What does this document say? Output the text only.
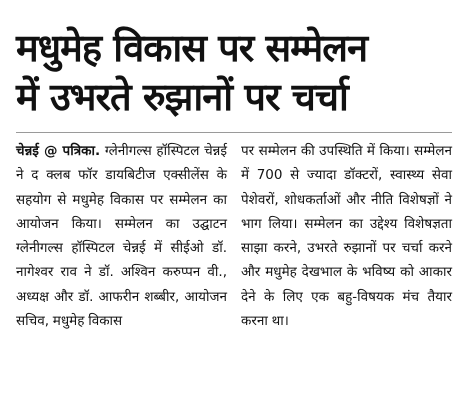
मधुमेह विकास पर सम्मेलन
में उभरते रुझानों पर चर्चा

चेन्नई @ पत्रिका. ग्लेनीगल्स हॉस्पिटल चेन्नई ने द क्लब फॉर डायबिटीज एक्सीलेंस के सहयोग से मधुमेह विकास पर सम्मेलन का आयोजन किया। सम्मेलन का उद्घाटन ग्लेनीगल्स हॉस्पिटल चेन्नई में सीईओ डॉ. नागेश्वर राव ने डॉ. अश्विन करुप्पन वी., अध्यक्ष और डॉ. आफरीन शब्बीर, आयोजन सचिव, मधुमेह विकास

पर सम्मेलन की उपस्थिति में किया। सम्मेलन में 700 से ज्यादा डॉक्टरों, स्वास्थ्य सेवा पेशेवरों, शोधकर्ताओं और नीति विशेषज्ञों ने भाग लिया। सम्मेलन का उद्देश्य विशेषज्ञता साझा करने, उभरते रुझानों पर चर्चा करने और मधुमेह देखभाल के भविष्य को आकार देने के लिए एक बहु-विषयक मंच तैयार करना था।
